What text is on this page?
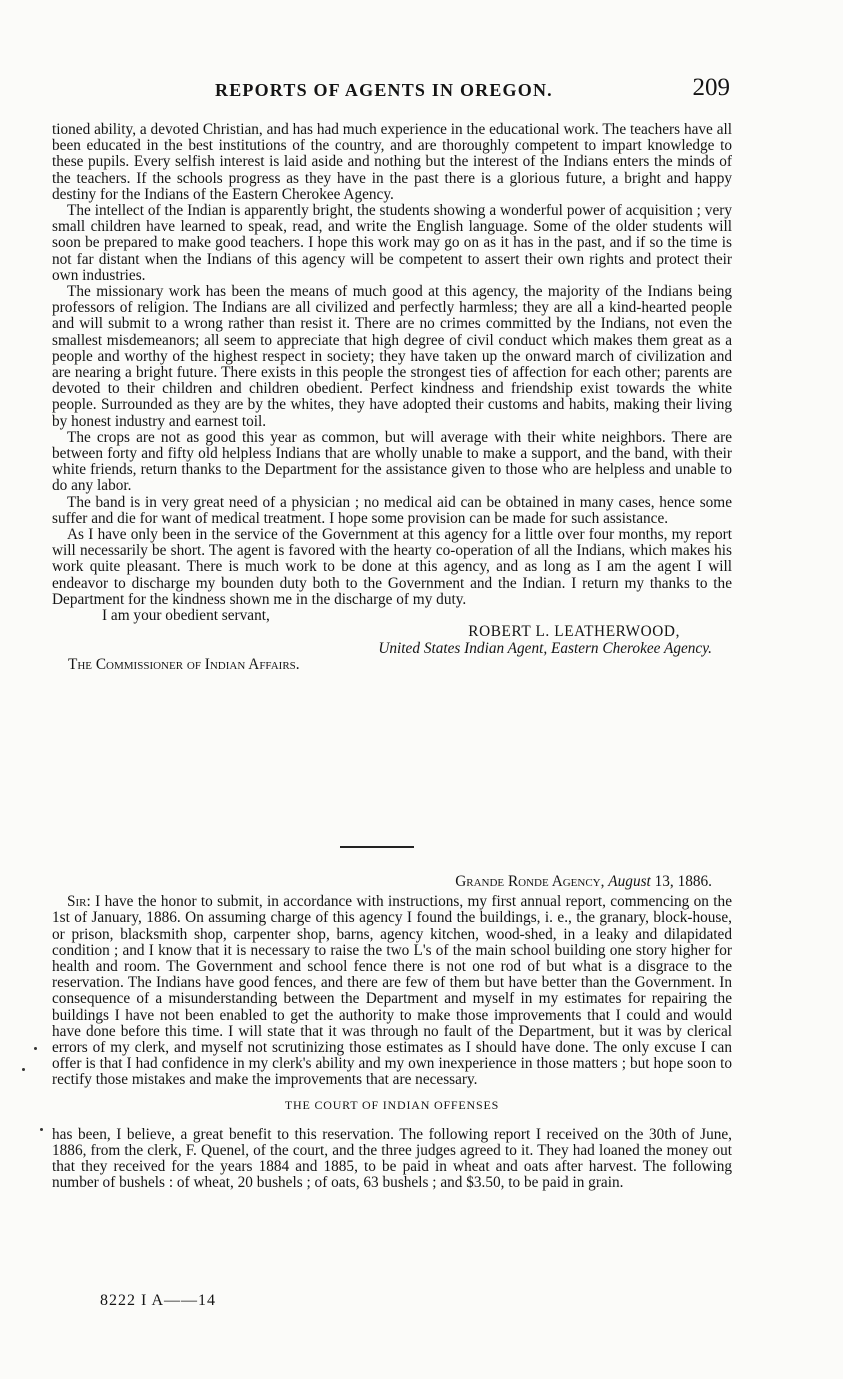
REPORTS OF AGENTS IN OREGON.	209

tioned ability, a devoted Christian, and has had much experience in the educational work. The teachers have all been educated in the best institutions of the country, and are thoroughly competent to impart knowledge to these pupils. Every selfish interest is laid aside and nothing but the interest of the Indians enters the minds of the teachers. If the schools progress as they have in the past there is a glorious future, a bright and happy destiny for the Indians of the Eastern Cherokee Agency.

The intellect of the Indian is apparently bright, the students showing a wonderful power of acquisition ; very small children have learned to speak, read, and write the English language. Some of the older students will soon be prepared to make good teachers. I hope this work may go on as it has in the past, and if so the time is not far distant when the Indians of this agency will be competent to assert their own rights and protect their own industries.

The missionary work has been the means of much good at this agency, the majority of the Indians being professors of religion. The Indians are all civilized and perfectly harmless; they are all a kind-hearted people and will submit to a wrong rather than resist it. There are no crimes committed by the Indians, not even the smallest misdemeanors; all seem to appreciate that high degree of civil conduct which makes them great as a people and worthy of the highest respect in society; they have taken up the onward march of civilization and are nearing a bright future. There exists in this people the strongest ties of affection for each other; parents are devoted to their children and children obedient. Perfect kindness and friendship exist towards the white people. Surrounded as they are by the whites, they have adopted their customs and habits, making their living by honest industry and earnest toil.

The crops are not as good this year as common, but will average with their white neighbors. There are between forty and fifty old helpless Indians that are wholly unable to make a support, and the band, with their white friends, return thanks to the Department for the assistance given to those who are helpless and unable to do any labor.

The band is in very great need of a physician ; no medical aid can be obtained in many cases, hence some suffer and die for want of medical treatment. I hope some provision can be made for such assistance.

As I have only been in the service of the Government at this agency for a little over four months, my report will necessarily be short. The agent is favored with the hearty co-operation of all the Indians, which makes his work quite pleasant. There is much work to be done at this agency, and as long as I am the agent I will endeavor to discharge my bounden duty both to the Government and the Indian. I return my thanks to the Department for the kindness shown me in the discharge of my duty.

I am your obedient servant,
ROBERT L. LEATHERWOOD,
United States Indian Agent, Eastern Cherokee Agency.
The Commissioner of Indian Affairs.
Grande Ronde Agency, August 13, 1886.

Sir: I have the honor to submit, in accordance with instructions, my first annual report, commencing on the 1st of January, 1886. On assuming charge of this agency I found the buildings, i. e., the granary, block-house, or prison, blacksmith shop, carpenter shop, barns, agency kitchen, wood-shed, in a leaky and dilapidated condition ; and I know that it is necessary to raise the two L's of the main school building one story higher for health and room. The Government and school fence there is not one rod of but what is a disgrace to the reservation. The Indians have good fences, and there are few of them but have better than the Government. In consequence of a misunderstanding between the Department and myself in my estimates for repairing the buildings I have not been enabled to get the authority to make those improvements that I could and would have done before this time. I will state that it was through no fault of the Department, but it was by clerical errors of my clerk, and myself not scrutinizing those estimates as I should have done. The only excuse I can offer is that I had confidence in my clerk's ability and my own inexperience in those matters ; but hope soon to rectify those mistakes and make the improvements that are necessary.

THE COURT OF INDIAN OFFENSES

has been, I believe, a great benefit to this reservation. The following report I received on the 30th of June, 1886, from the clerk, F. Quenel, of the court, and the three judges agreed to it. They had loaned the money out that they received for the years 1884 and 1885, to be paid in wheat and oats after harvest. The following number of bushels : of wheat, 20 bushels ; of oats, 63 bushels ; and $3.50, to be paid in grain.

8222 I A——14
